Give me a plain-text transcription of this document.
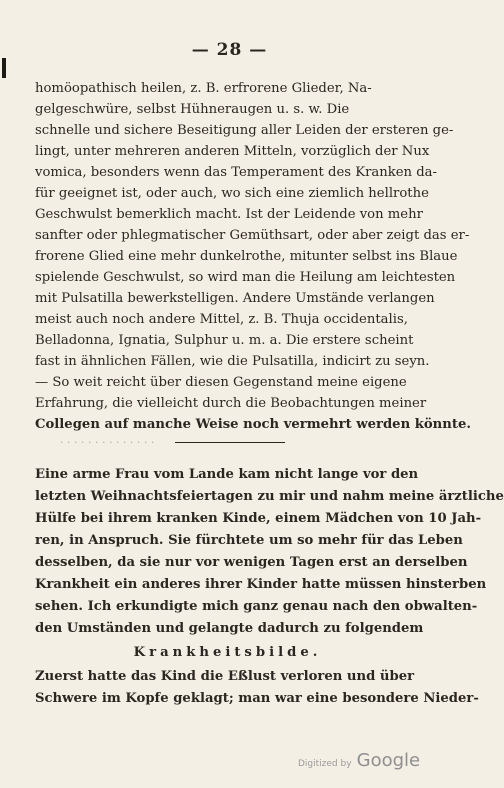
— 28 —
homöopathisch heilen, z. B. erfrorene Glieder, Na-
gelgeschwüre, selbst Hühneraugen u. s. w. Die
schnelle und sichere Beseitigung aller Leiden der ersteren ge-
lingt, unter mehreren anderen Mitteln, vorzüglich der Nux
vomica, besonders wenn das Temperament des Kranken da-
für geeignet ist, oder auch, wo sich eine ziemlich hellrothe
Geschwulst bemerklich macht. Ist der Leidende von mehr
sanfter oder phlegmatischer Gemüthsart, oder aber zeigt das er-
frorene Glied eine mehr dunkelrothe, mitunter selbst ins Blaue
spielende Geschwulst, so wird man die Heilung am leichtesten
mit Pulsatilla bewerkstelligen. Andere Umstände verlangen
meist auch noch andere Mittel, z. B. Thuja occidentalis,
Belladonna, Ignatia, Sulphur u. m. a. Die erstere scheint
fast in ähnlichen Fällen, wie die Pulsatilla, indicirt zu seyn.
— So weit reicht über diesen Gegenstand meine eigene
Erfahrung, die vielleicht durch die Beobachtungen meiner
Collegen auf manche Weise noch vermehrt werden könnte.
· · · · · · · · · · · · · ·
Eine arme Frau vom Lande kam nicht lange vor den
letzten Weihnachtsfeiertagen zu mir und nahm meine ärztliche
Hülfe bei ihrem kranken Kinde, einem Mädchen von 10 Jah-
ren, in Anspruch. Sie fürchtete um so mehr für das Leben
desselben, da sie nur vor wenigen Tagen erst an derselben
Krankheit ein anderes ihrer Kinder hatte müssen hinsterben
sehen. Ich erkundigte mich ganz genau nach den obwalten-
den Umständen und gelangte dadurch zu folgendem
Krankheitsbilde.
Zuerst hatte das Kind die Eßlust verloren und über
Schwere im Kopfe geklagt; man war eine besondere Nieder-
Digitized by Google
